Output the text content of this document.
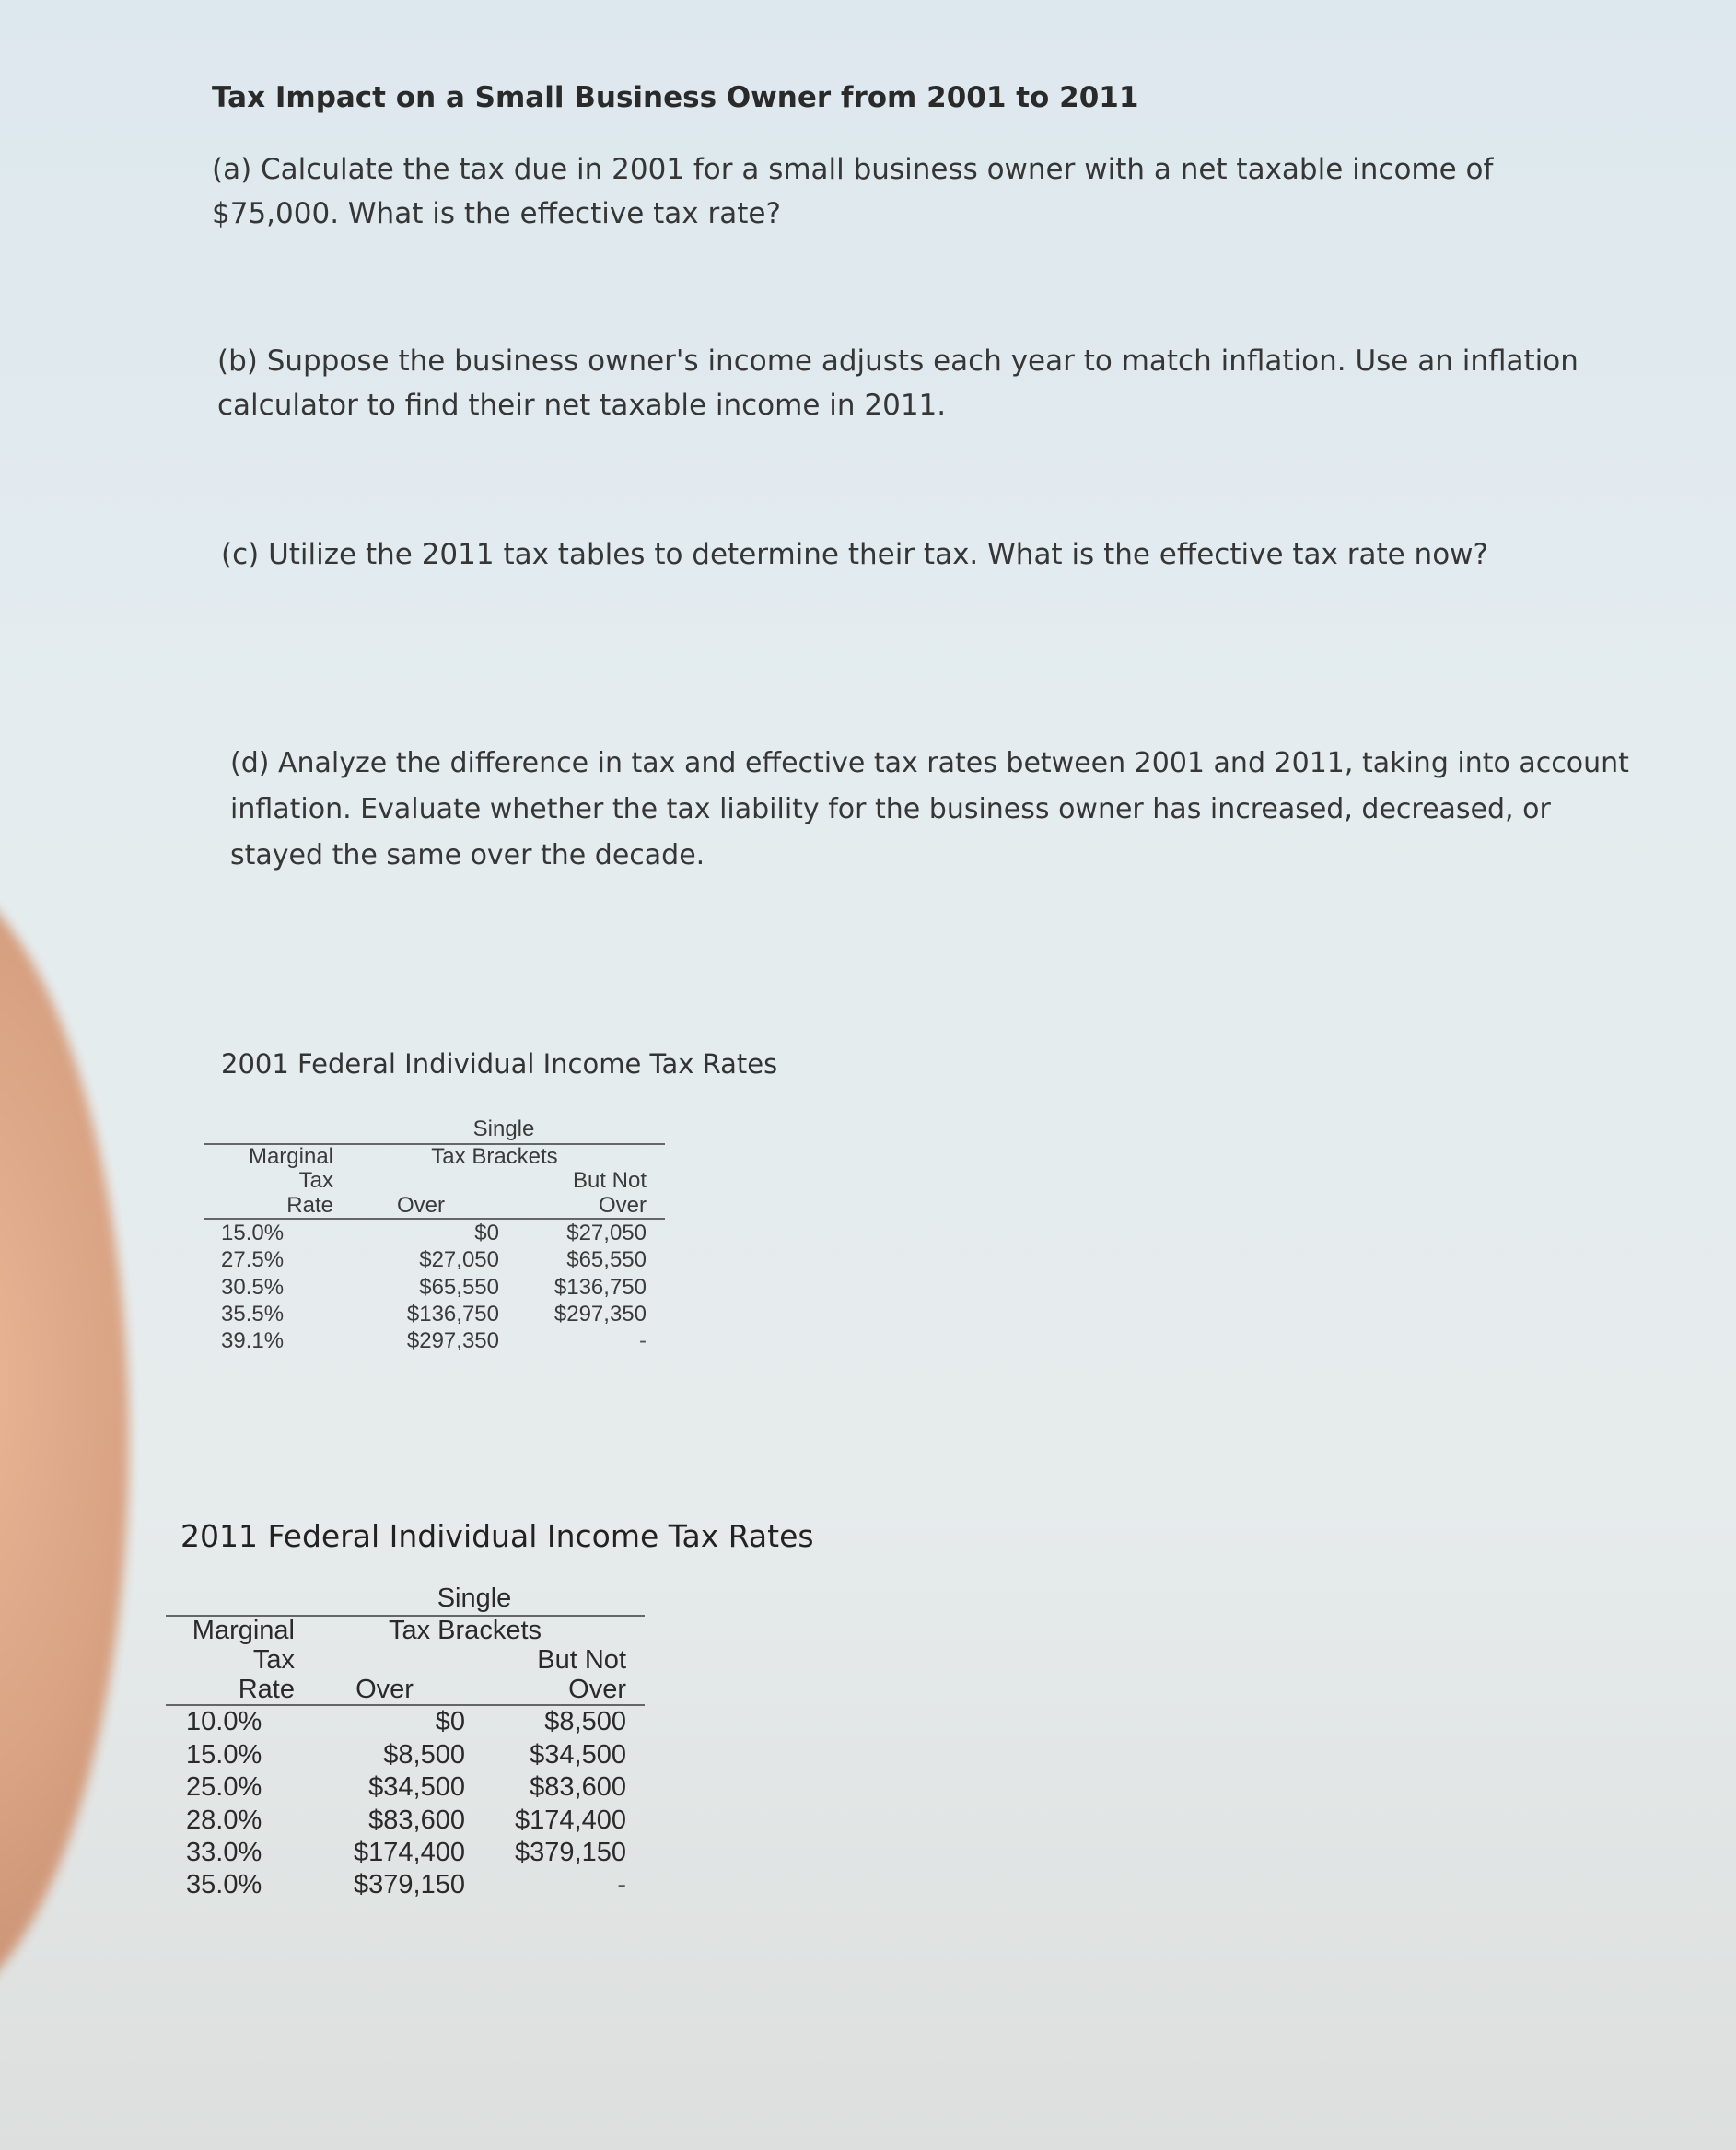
Tax Impact on a Small Business Owner from 2001 to 2011
(a) Calculate the tax due in 2001 for a small business owner with a net taxable income of $75,000. What is the effective tax rate?
(b) Suppose the business owner's income adjusts each year to match inflation. Use an inflation calculator to find their net taxable income in 2011.
(c) Utilize the 2011 tax tables to determine their tax. What is the effective tax rate now?
(d) Analyze the difference in tax and effective tax rates between 2001 and 2011, taking into account inflation. Evaluate whether the tax liability for the business owner has increased, decreased, or stayed the same over the decade.
2001 Federal Individual Income Tax Rates
Single
Marginal	Tax Brackets
Tax	But Not
Rate	Over	Over
15.0%	$0	$27,050
27.5%	$27,050	$65,550
30.5%	$65,550	$136,750
35.5%	$136,750	$297,350
39.1%	$297,350	-
2011 Federal Individual Income Tax Rates
Single
Marginal	Tax Brackets
Tax	But Not
Rate	Over	Over
10.0%	$0	$8,500
15.0%	$8,500	$34,500
25.0%	$34,500	$83,600
28.0%	$83,600	$174,400
33.0%	$174,400	$379,150
35.0%	$379,150	-
